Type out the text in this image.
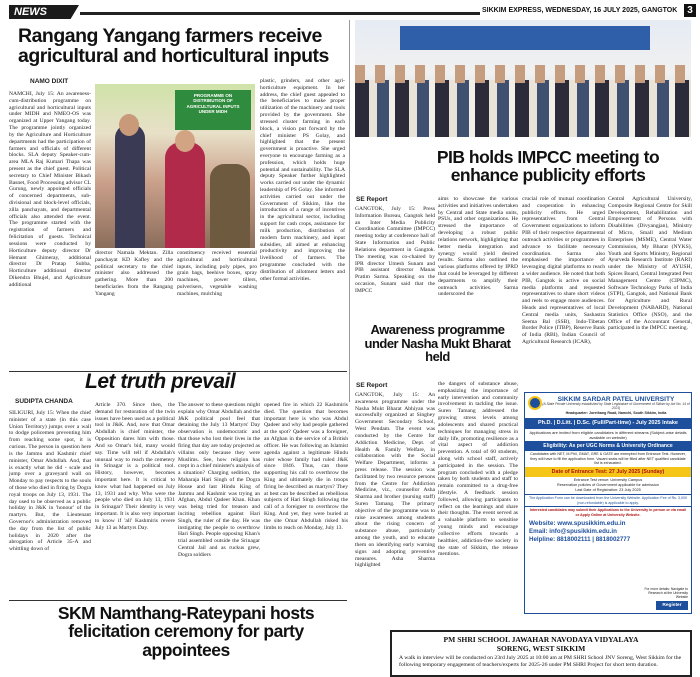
NEWS	SIKKIM EXPRESS, WEDNESDAY, 16 JULY 2025, GANGTOK 3
Rangang Yangang farmers receive agricultural and horticultural inputs
NAMO DIXIT
NAMCHI, July 15: An awareness-cum-distribution programme on agricultural and horticultural inputs under MIDH and NMEO-OS was organized at Upper Yangang today. The programme jointly organized by the Agriculture and Horticulture departments had the participation of farmers and officials of different blocks. SLA deputy Speaker-cum-area MLA Raj Kumari Thapa was present as the chief guest. Political secretary to Chief Minister Bikash Basnet, Food Processing advisor CL Gurung, newly appointed officials of concerned departments, sub-divisional and block-level officials, zilla panchayats, and departmental officials also attended the event. The programme started with the registration of farmers and felicitation of guests. Technical sessions were conducted by Horticulture deputy director Dr Hemant Ghimeray, additional director Dr Pratap Subba, Horticulture additional director Dikendra Bhujel, and Agriculture additional
PROGRAMME ON DISTRIBUTION OF AGRICULTURAL INPUTS UNDER MIDH
director Namala Mektan. Zilla panchayat KD Kafley and the political secretary to the chief minister also addressed the gathering. More than 200 beneficiaries from the Rangang Yangang
constituency received essential agricultural and horticultural inputs, including poly pipes, pro grain bags, beehive boxes, spray machines, power tillers, pulverisers, vegetable washing machines, mulching
plastic, grinders, and other agri-horticulture equipment. In her address, the chief guest appealed to the beneficiaries to make proper utilization of the machinery and tools provided by the government. She stressed cluster farming in each block, a vision put forward by the chief minister PS Golay, and highlighted that the present government is proactive. She urged everyone to encourage farming as a profession, which holds huge potential and sustainability. The SLA deputy Speaker further highlighted works carried out under the dynamic leadership of PS Golay. She informed activities carried out under the Government of Sikkim, like the introduction of a range of incentives in the agricultural sector, including support for cash crops, assistance for milk production, distribution of modern farm machinery, and input subsidies, all aimed at enhancing productivity and improving the livelihood of farmers. The programme concluded with the distribution of allotment letters and other formal activities.
PIB holds IMPCC meeting to enhance publicity efforts
SE Report
GANGTOK, July 15: Press Information Bureau, Gangtok held an Inter Media Publicity Coordination Committee (IMPCC) meeting today at conference hall of State Information and Public Relations department in Gangtok. The meeting was co-chaired by IPR director Umesh Sunam and PIB assistant director Manas Pratim Sarma. Speaking on the occasion, Sunam said that the IMPCC
aims to showcase the various activities and initiatives undertaken by Central and State media units, PSUs, and other organizations. He stressed the importance of developing a robust public relations network, highlighting that better media integration and synergy would yield desired results. Sarma also outlined the various platforms offered by IPRD that could be leveraged by different departments to amplify their outreach activities. Sarma underscored the
crucial role of mutual coordination and cooperation in enhancing publicity efforts. He urged representatives from Central Government organizations to inform PIB of their respective departmental outreach activities or programmes in advance to facilitate necessary coordination. Sarma also emphasised the importance of leveraging digital platforms to reach a wider audience. He noted that both PIB, Gangtok is active on social media platforms and requested representatives to share short videos and reels to engage more audiences. Heads and representatives of local Central media units, Sashastra Seema Bal (SSB), Indo-Tibetan Border Police (ITBP), Reserve Bank of India (RBI), Indian Council of Agricultural Research (ICAR),
Central Agricultural University, Composite Regional Centre for Skill Development, Rehabilitation and Empowerment of Persons with Disabilities (Divyangjan), Ministry of Micro, Small and Medium Enterprises (MSME), Central Water Commission, My Bharat (NYKS), Youth and Sports Ministry, Regional Ayurveda Research Institute (RARI) under the Ministry of AYUSH, Spices Board, Central Integrated Pest Management Centre (CIPMC), Software Technology Parks of India (STPI), Gangtok, and National Bank for Agriculture and Rural Development (NABARD), National Statistics Office (NSO), and the Office of the Accountant General, participated in the IMPCC meeting.
Awareness programme under Nasha Mukt Bharat held
SE Report
GANGTOK, July 15: An awareness programme under the Nasha Mukt Bharat Abhiyan was successfully organized at Singhey Government Secondary School, West Pendam. The event was conducted by the Centre for Addiction Medicine, Dept. of Health & Family Welfare, in collaboration with the Social Welfare Department, informs a press release. The session was facilitated by two resource persons from the Centre for Addiction Medicine, viz., counsellor Asha Sharma and brother (nursing staff) Suren Tamang. The primary objective of the programme was to raise awareness among students about the rising concern of substance abuse, particularly among the youth, and to educate them on identifying early warning signs and adopting preventive measures. Asha Sharma highlighted
the dangers of substance abuse, emphasizing the importance of early intervention and community involvement in tackling the issue. Suren Tamang addressed the growing stress levels among adolescents and shared practical techniques for managing stress in daily life, promoting resilience as a vital aspect of addiction prevention. A total of 60 students, along with school staff, actively participated in the session. The program concluded with a pledge taken by both students and staff to remain committed to a drug-free lifestyle. A feedback session followed, allowing participants to reflect on the learnings and share their thoughts. The event served as a valuable platform to sensitise young minds and encourage collective efforts towards a healthier, addiction-free society in the state of Sikkim, the release mentions.
Let truth prevail
SUDIPTA CHANDA
SILIGURI, July 15: When the chief minister of a state (in this case Union Territory) jumps over a wall to dodge policemen preventing him from reaching some spot, it is curious. The person in question here is the Jammu and Kashmir chief minister, Omar Abdullah. And, that is exactly what he did - scale and jump over a graveyard wall on Monday to pay respects to the souls of those who died in firing by Dogra royal troops on July 13, 1931. The day used to be observed as a public holiday in J&K in 'honour' of the martyrs. But, the Lieutenant Governor's administration removed the day from the list of public holidays in 2020 after the abrogation of Article 35-A and whittling down of
Article 370. Since then, the demand for restoration of the twin issues have been used as a political tool in J&K. And, now that Omar Abdullah is chief minister, the Opposition dares him with those. And so Omar's bid, many would say. Time will tell if Abdullah's unusual way to reach the cemetery in Srinagar is a political tool. History, however, becomes important here. It is critical to know what had happened on July 13, 1931 and why. Who were the people who died on July 13, 1931 in Srinagar? Their identity is very important. It is also very important to know if 'all' Kashmiris revere July 13 as Martyrs Day.
The answer to these questions might explain why Omar Abdullah and the J&K political pool feel that detaining the July 13 Martyrs' Day observation is undemocratic and that those who lost their lives in the firing that day are today projected as villains only because they were Muslims. See, how religion has crept in a chief minister's analysis of a situation? Charging sedition, the Maharaja Hari Singh of the Dogra House and last Hindu King of Jammu and Kashmir was trying an Afghan, Abdul Qadeer Khan. Khan was being tried for treason and inciting rebellion against Hari Singh, the ruler of the day. He was instigating the people to overthrow Hari Singh. People opposing Khan's trial assembled outside the Srinagar Central Jail and as ruckus grew, Dogra soldiers
opened fire in which 22 Kashmiris died. The question that becomes important here is who was Abdul Qadeer and why had people gathered at the spot? Qadeer was a foreigner, an Afghan in the service of a British officer. He was following an Islamist agenda against a legitimate Hindu ruler whose family had ruled J&K since 1846. Thus, can those supporting his call to overthrow the King and ultimately die in troops firing be described as martyrs? They at best can be described as rebellious subjects of Hari Singh following the call of a foreigner to overthrow the King. And yet, they were buried at the site Omar Abdullah risked his limbs to reach on Monday, July 13.
SKM Namthang-Rateypani hosts felicitation ceremony for party appointees
SIKKIM SARDAR PATEL UNIVERSITY
(A State Private University established by State Legislature of Government of Sikkim by Act No. 14 of 2021)
Headquarter: Jorethang Road, Namchi, South Sikkim, India
Ph.D. | D.Litt. | D.Sc. (Full/Part-time) - July 2025 Intake
Applications are invited from eligible candidates in different streams (Subject-wise details available on website)
Eligibility: As per UGC Norms & University Ordinance
Candidates with NET, M.Phil, GMAT, GRE & GATE are exempted from Entrance Test. However, they will have to fill the application form. Vacant seats will be filled after NET qualified candidate list is exhausted.
Date of Entrance Test: 27 July 2025 (Sunday)
Entrance Test venue: University Campus
Reservation policies of Government applicable for admission
Last Date of Registration: 23 July 2025
The Application Form can be downloaded from the University Website. Application Fee of Rs. 3,000 (non-refundable) is applicable to apply.
Interested candidates may submit their Applications to the University in person or via email or Apply Online at University Website.
Website: www.spusikkim.edu.in
Email: info@spusikkim.edu.in
Helpline: 8818002111 | 8818002777
For more details: Navigate to Research at the University Website
Register
PM SHRI SCHOOL JAWAHAR NAVODAYA VIDYALAYA
SORENG, WEST SIKKIM
A walk in interview will be conducted on 23rd July 2025 at 10:00 am at PM SHRI School JNV Soreng, West Sikkim for the following temporary engagement of teachers/experts for 2025-26 under PM SHRI Project for short term duration.
